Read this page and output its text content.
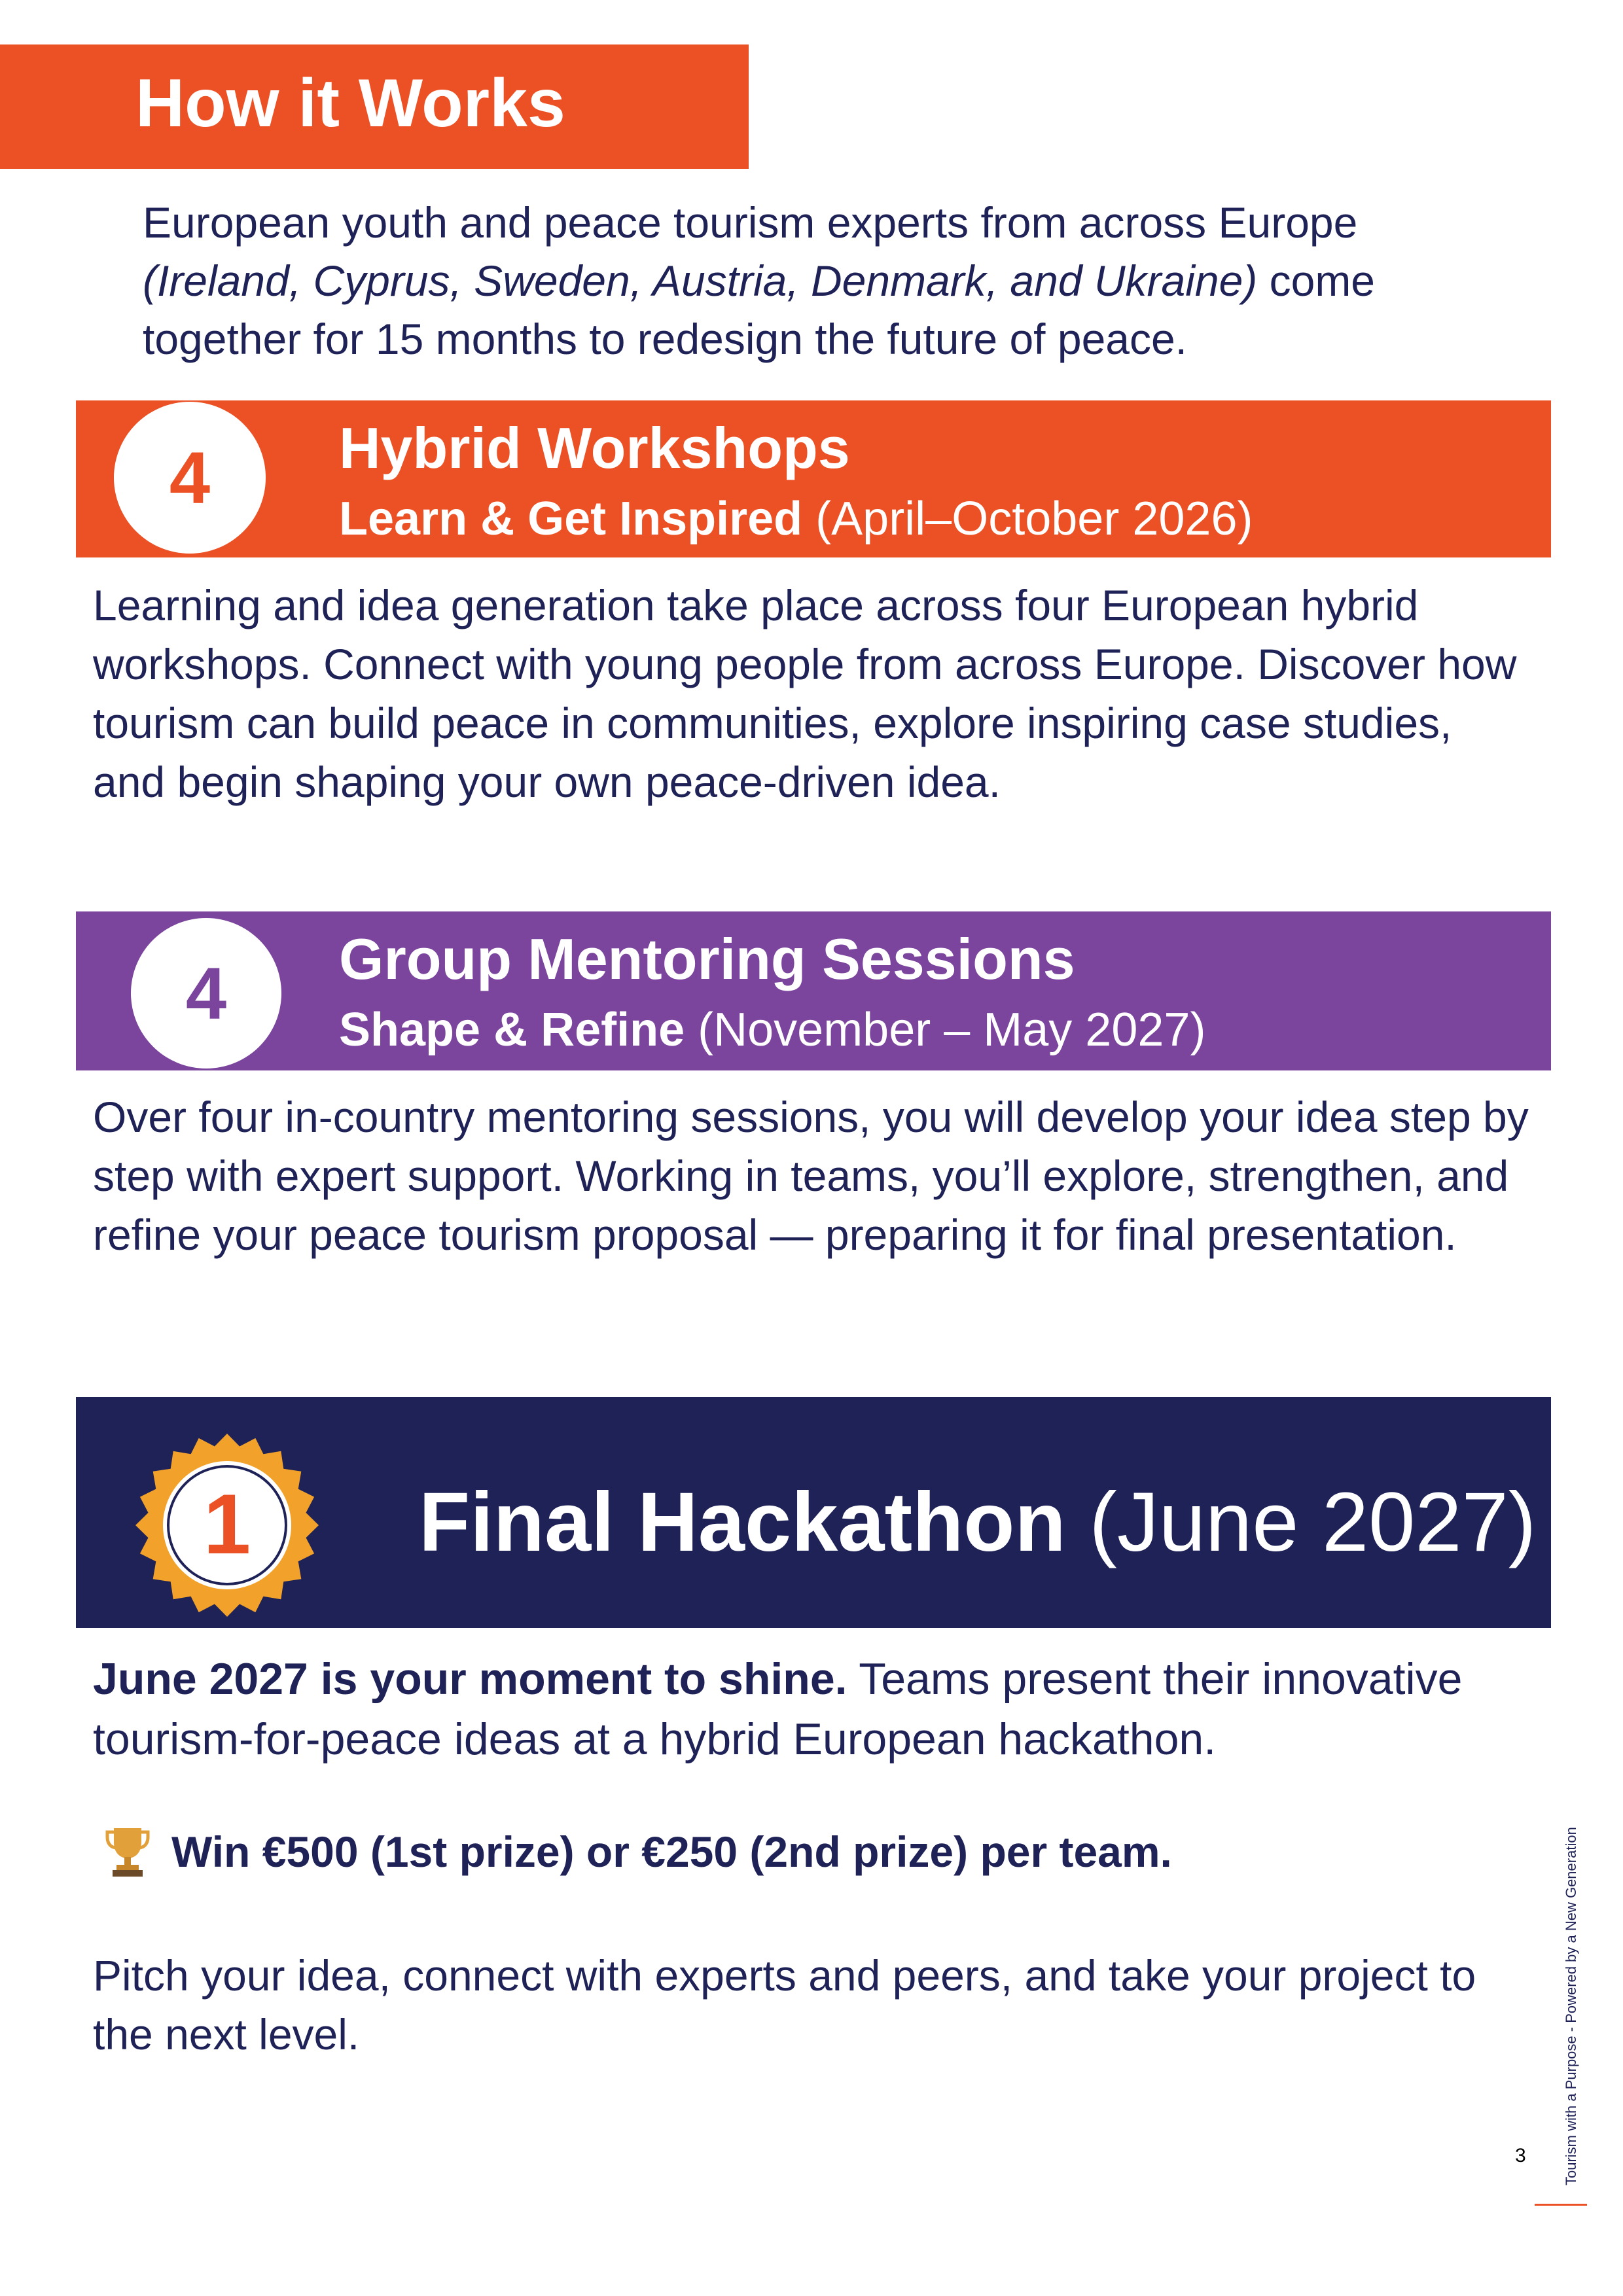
How it Works
European youth and peace tourism experts from across Europe (Ireland, Cyprus, Sweden, Austria, Denmark, and Ukraine) come together for 15 months to redesign the future of peace.
4	Hybrid Workshops
Learn & Get Inspired (April–October 2026)
Learning and idea generation take place across four European hybrid workshops. Connect with young people from across Europe. Discover how tourism can build peace in communities, explore inspiring case studies, and begin shaping your own peace-driven idea.
4	Group Mentoring Sessions
Shape & Refine (November – May 2027)
Over four in-country mentoring sessions, you will develop your idea step by step with expert support. Working in teams, you’ll explore, strengthen, and refine your peace tourism proposal — preparing it for final presentation.
1 Final Hackathon (June 2027)
June 2027 is your moment to shine. Teams present their innovative tourism-for-peace ideas at a hybrid European hackathon.
Win €500 (1st prize) or €250 (2nd prize) per team.
Pitch your idea, connect with experts and peers, and take your project to the next level.	Tourism with a Purpose - Powered by a New Generation
3
